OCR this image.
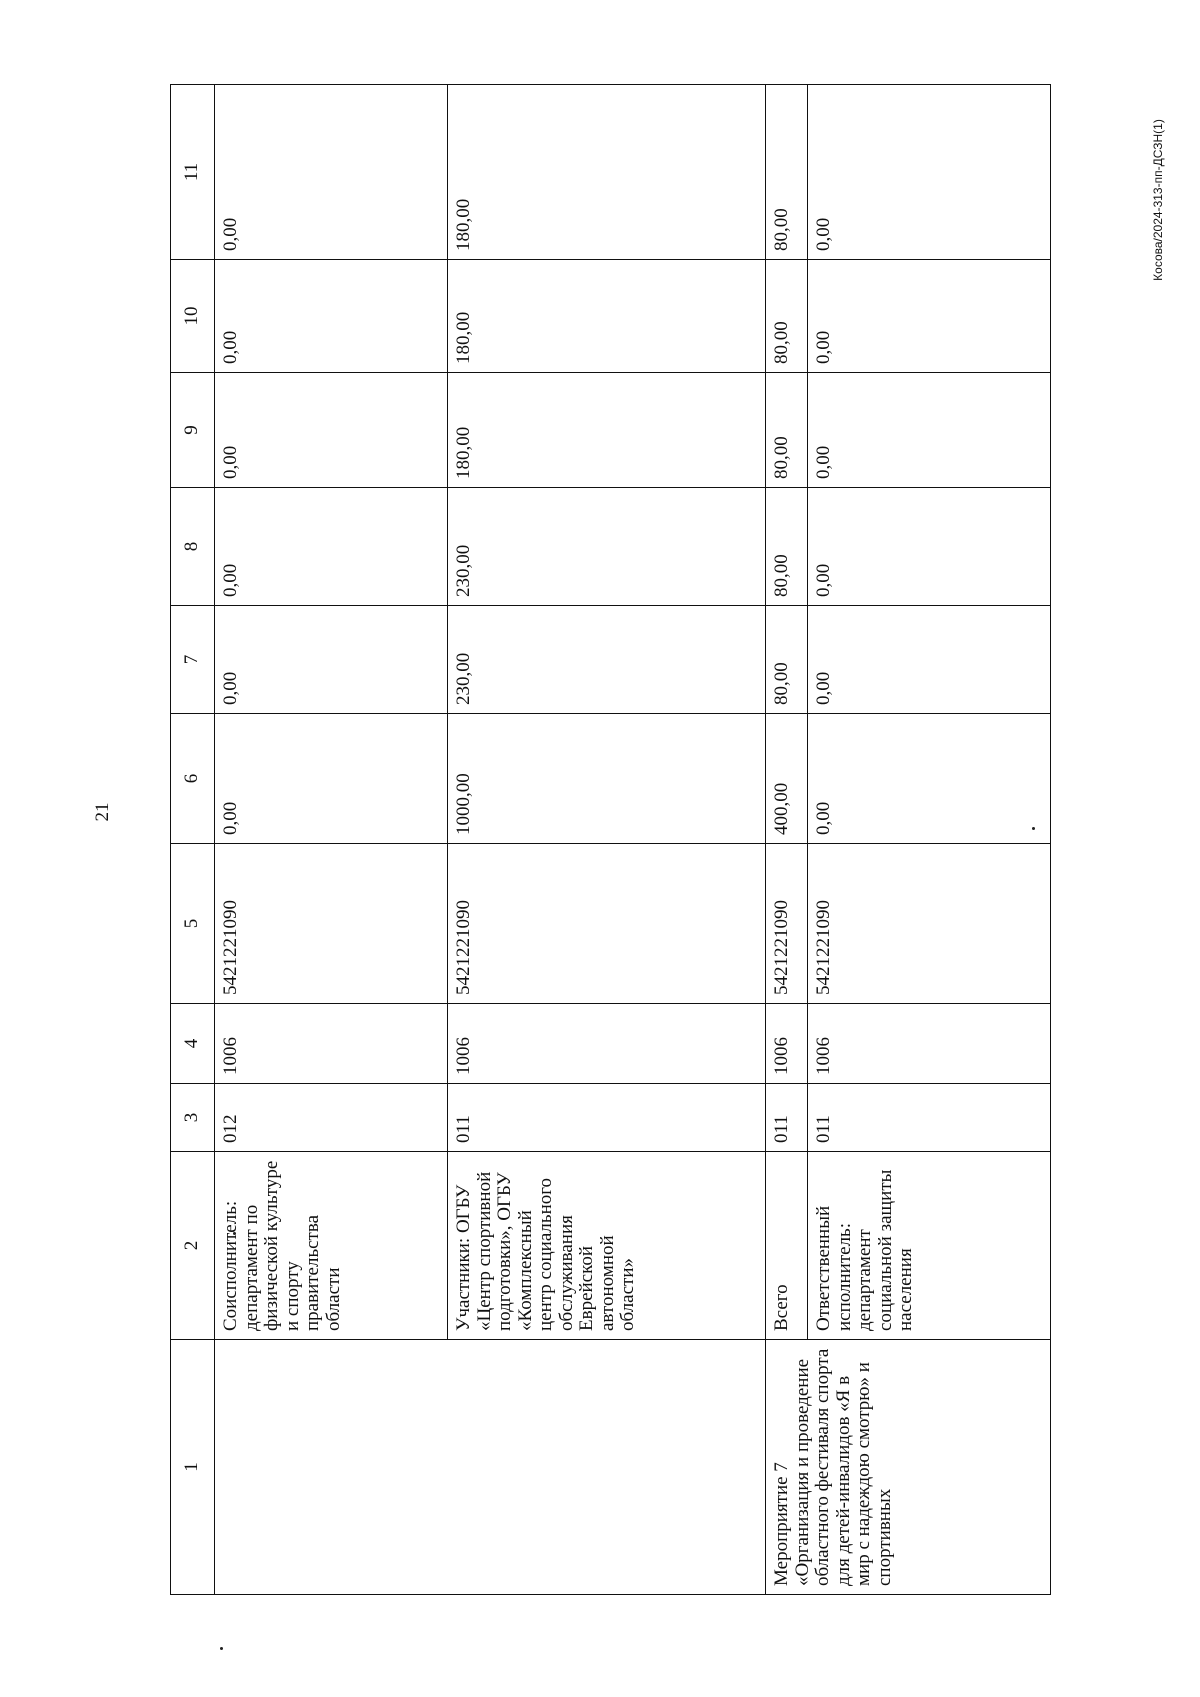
21
Косова/2024-313-пп-ДСЗН(1)
1	2	3	4	5	6	7	8	9	10	11
	Соисполнитель: департамент по физической культуре и спорту правительства области	012	1006	5421221090	0,00	0,00	0,00	0,00	0,00	0,00
	Участники: ОГБУ «Центр спортивной подготовки», ОГБУ «Комплексный центр социального обслуживания Еврейской автономной области»	011	1006	5421221090	1000,00	230,00	230,00	180,00	180,00	180,00
Мероприятие 7 «Организация и проведение областного фестиваля спорта для детей-инвалидов «Я в мир с надеждою смотрю» и спортивных	Всего	011	1006	5421221090	400,00	80,00	80,00	80,00	80,00	80,00
	Ответственный исполнитель: департамент социальной защиты населения	011	1006	5421221090	0,00	0,00	0,00	0,00	0,00	0,00
